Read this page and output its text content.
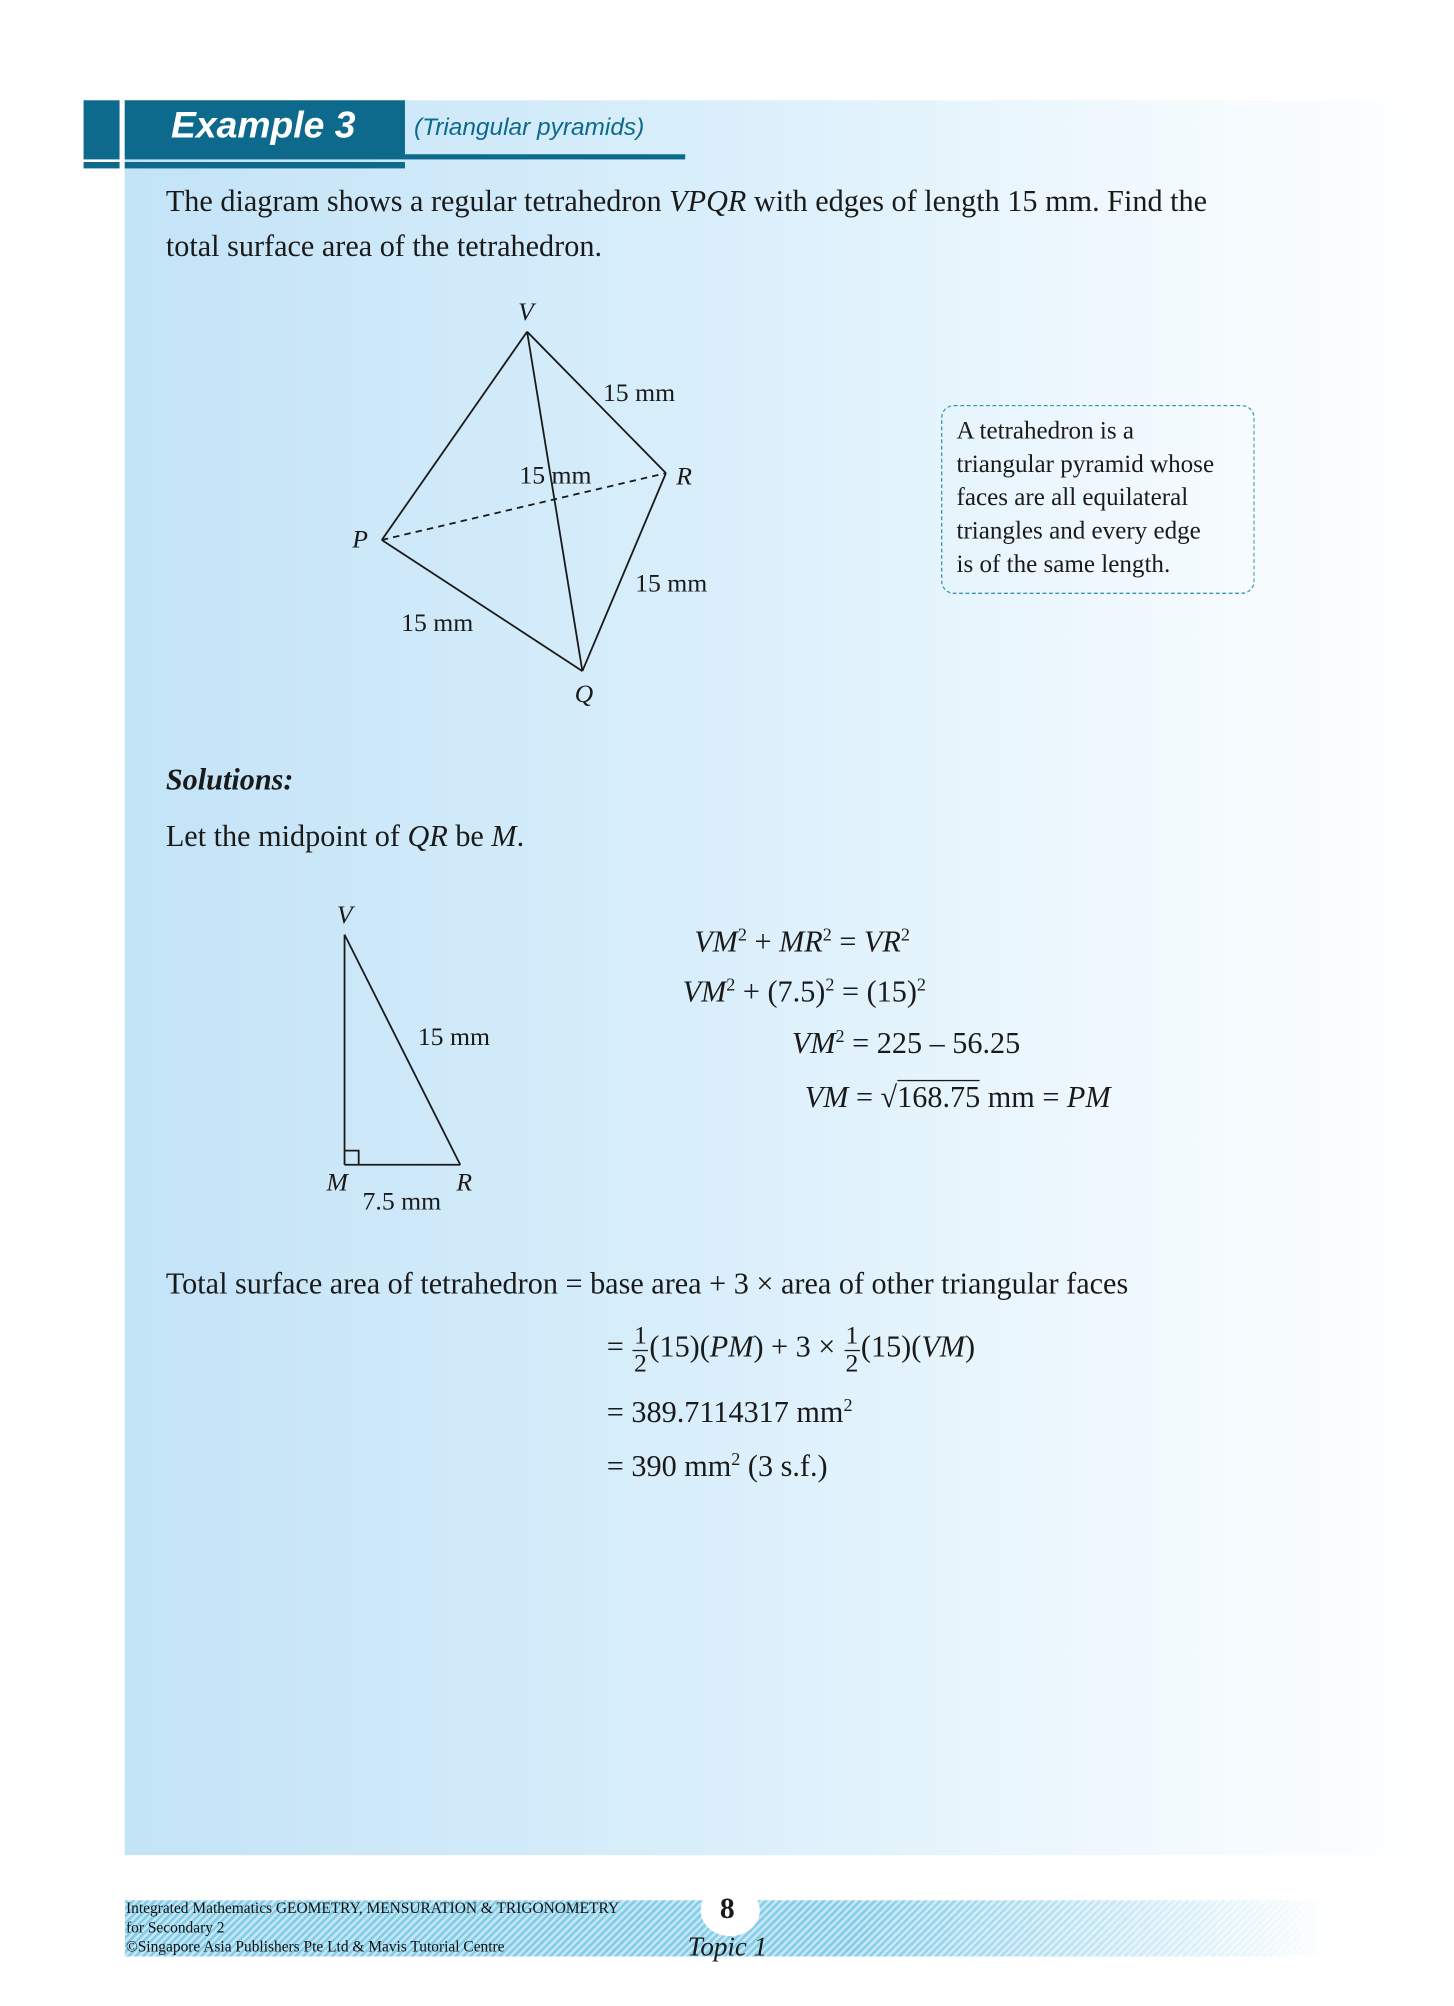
Example 3	(Triangular pyramids)
The diagram shows a regular tetrahedron VPQR with edges of length 15 mm. Find the
total surface area of the tetrahedron.
V
15 mm
15 mm	R
P
15 mm
15 mm
Q
A tetrahedron is a
triangular pyramid whose
faces are all equilateral
triangles and every edge
is of the same length.
Solutions:
Let the midpoint of QR be M.
V
15 mm
M	R
7.5 mm
$VM^2 + MR^2 = VR^2$
$VM^2 + (7.5)^2 = (15)^2$
$VM^2 = 225 - 56.25$
VM = √168.75 mm = PM
Total surface area of tetrahedron = base area + 3 × area of other triangular faces
= $\frac{1}{2} (15)(PM) + 3 \times \frac{1}{2} (15)(VM)$
= 389.7114317 $mm^2$
= 390 $mm^2$ (3 s.f.)
Integrated Mathematics GEOMETRY, MENSURATION & TRIGONOMETRY
for Secondary 2
©Singapore Asia Publishers Pte Ltd & Mavis Tutorial Centre
8
Topic 1
